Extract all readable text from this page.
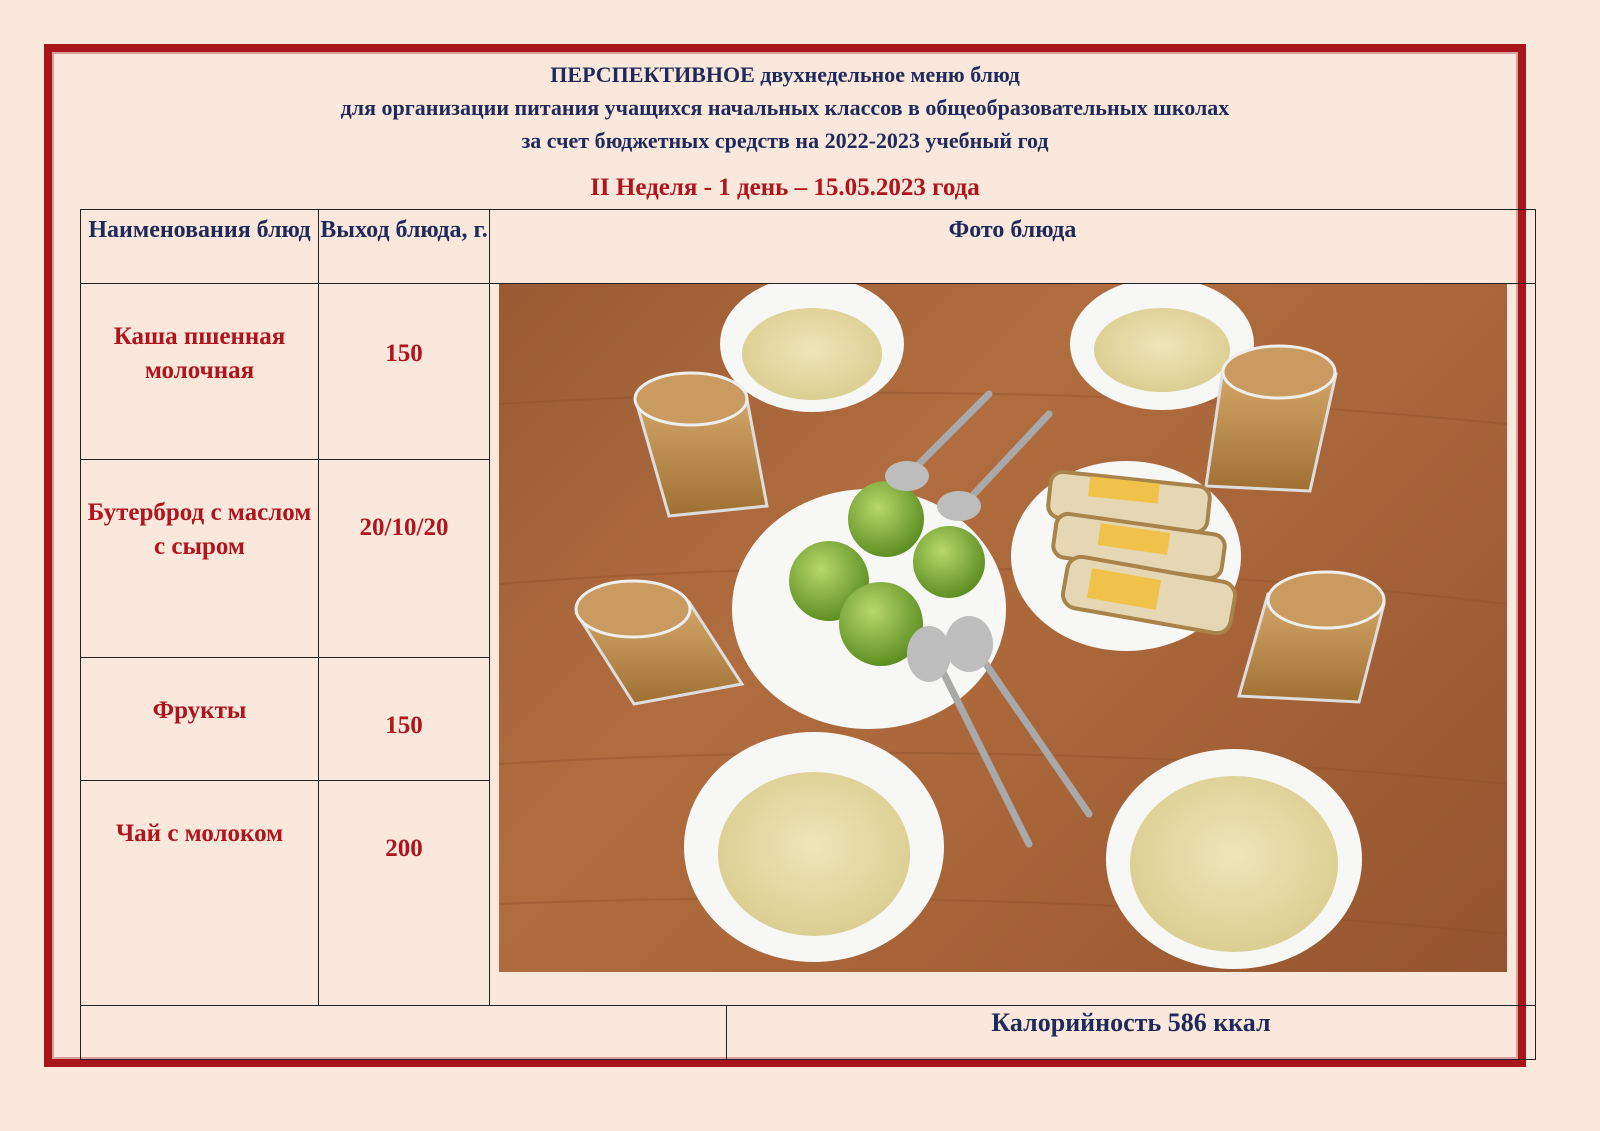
ПЕРСПЕКТИВНОЕ двухнедельное меню блюд
для организации питания учащихся начальных классов в общеобразовательных школах
за счет бюджетных средств на 2022-2023 учебный год
II Неделя - 1 день – 15.05.2023 года
Наименования блюд	Выход блюда, г.	Фото блюда	
Каша пшенная молочная	150	

Бутерброд с маслом с сыром	20/10/20		
Фрукты	150		
Чай с молоком	200		
			Калорийность 586 ккал
